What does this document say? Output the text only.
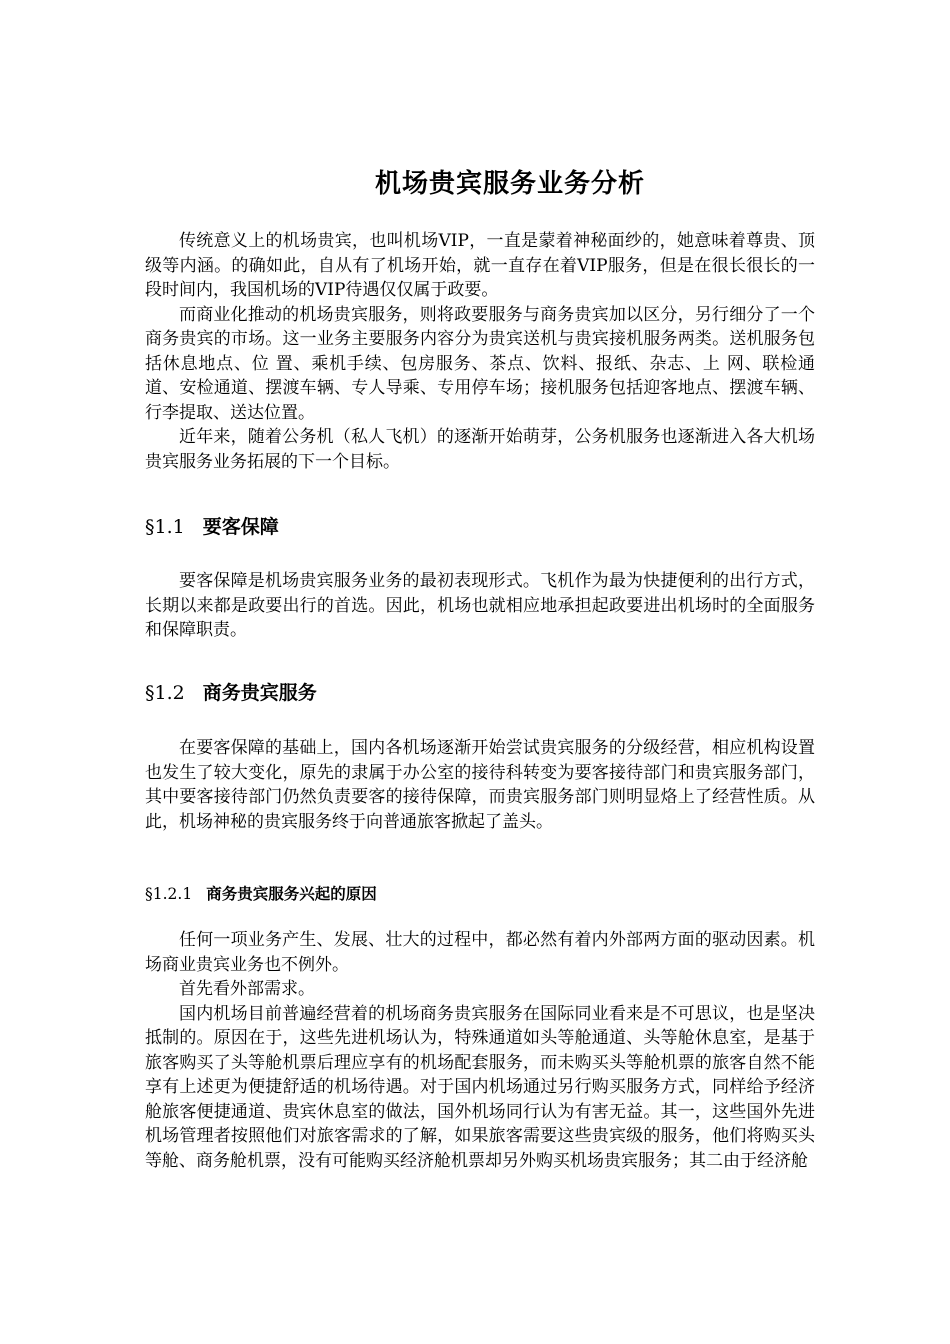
机场贵宾服务业务分析

传统意义上的机场贵宾，也叫机场VIP，一直是蒙着神秘面纱的，她意味着尊贵、顶级等内涵。的确如此，自从有了机场开始，就一直存在着VIP服务，但是在很长很长的一段时间内，我国机场的VIP待遇仅仅属于政要。

而商业化推动的机场贵宾服务，则将政要服务与商务贵宾加以区分，另行细分了一个商务贵宾的市场。这一业务主要服务内容分为贵宾送机与贵宾接机服务两类。送机服务包括休息地点、位 置、乘机手续、包房服务、茶点、饮料、报纸、杂志、上 网、联检通道、安检通道、摆渡车辆、专人导乘、专用停车场；接机服务包括迎客地点、摆渡车辆、行李提取、送达位置。

近年来，随着公务机（私人飞机）的逐渐开始萌芽，公务机服务也逐渐进入各大机场贵宾服务业务拓展的下一个目标。

§1.1 要客保障

要客保障是机场贵宾服务业务的最初表现形式。飞机作为最为快捷便利的出行方式，长期以来都是政要出行的首选。因此，机场也就相应地承担起政要进出机场时的全面服务和保障职责。

§1.2 商务贵宾服务

在要客保障的基础上，国内各机场逐渐开始尝试贵宾服务的分级经营，相应机构设置也发生了较大变化，原先的隶属于办公室的接待科转变为要客接待部门和贵宾服务部门，其中要客接待部门仍然负责要客的接待保障，而贵宾服务部门则明显烙上了经营性质。从此，机场神秘的贵宾服务终于向普通旅客掀起了盖头。

§1.2.1 商务贵宾服务兴起的原因

任何一项业务产生、发展、壮大的过程中，都必然有着内外部两方面的驱动因素。机场商业贵宾业务也不例外。

首先看外部需求。

国内机场目前普遍经营着的机场商务贵宾服务在国际同业看来是不可思议，也是坚决抵制的。原因在于，这些先进机场认为，特殊通道如头等舱通道、头等舱休息室，是基于旅客购买了头等舱机票后理应享有的机场配套服务，而未购买头等舱机票的旅客自然不能享有上述更为便捷舒适的机场待遇。对于国内机场通过另行购买服务方式，同样给予经济舱旅客便捷通道、贵宾休息室的做法，国外机场同行认为有害无益。其一，这些国外先进机场管理者按照他们对旅客需求的了解，如果旅客需要这些贵宾级的服务，他们将购买头等舱、商务舱机票，没有可能购买经济舱机票却另外购买机场贵宾服务；其二由于经济舱
